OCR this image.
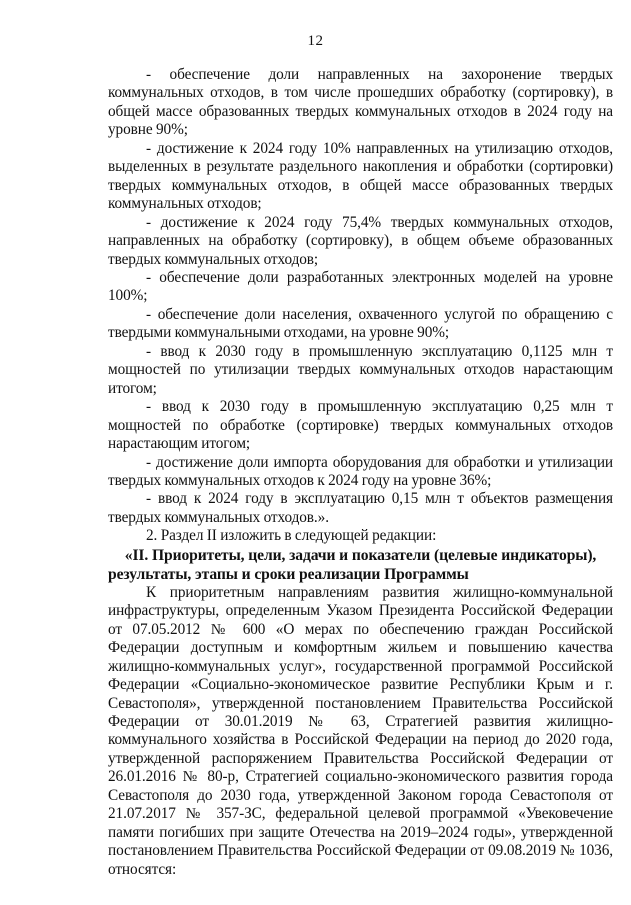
12

- обеспечение доли направленных на захоронение твердых коммунальных отходов, в том числе прошедших обработку (сортировку), в общей массе образованных твердых коммунальных отходов в 2024 году на уровне 90%;

- достижение к 2024 году 10% направленных на утилизацию отходов, выделенных в результате раздельного накопления и обработки (сортировки) твердых коммунальных отходов, в общей массе образованных твердых коммунальных отходов;

- достижение к 2024 году 75,4% твердых коммунальных отходов, направленных на обработку (сортировку), в общем объеме образованных твердых коммунальных отходов;

- обеспечение доли разработанных электронных моделей на уровне 100%;

- обеспечение доли населения, охваченного услугой по обращению с твердыми коммунальными отходами, на уровне 90%;

- ввод к 2030 году в промышленную эксплуатацию 0,1125 млн т мощностей по утилизации твердых коммунальных отходов нарастающим итогом;

- ввод к 2030 году в промышленную эксплуатацию 0,25 млн т мощностей по обработке (сортировке) твердых коммунальных отходов нарастающим итогом;

- достижение доли импорта оборудования для обработки и утилизации твердых коммунальных отходов к 2024 году на уровне 36%;

- ввод к 2024 году в эксплуатацию 0,15 млн т объектов размещения твердых коммунальных отходов.».

2. Раздел II изложить в следующей редакции:

«II. Приоритеты, цели, задачи и показатели (целевые индикаторы), результаты, этапы и сроки реализации Программы

К приоритетным направлениям развития жилищно-коммунальной инфраструктуры, определенным Указом Президента Российской Федерации от 07.05.2012 № 600 «О мерах по обеспечению граждан Российской Федерации доступным и комфортным жильем и повышению качества жилищно-коммунальных услуг», государственной программой Российской Федерации «Социально-экономическое развитие Республики Крым и г. Севастополя», утвержденной постановлением Правительства Российской Федерации от 30.01.2019 № 63, Стратегией развития жилищно-коммунального хозяйства в Российской Федерации на период до 2020 года, утвержденной распоряжением Правительства Российской Федерации от 26.01.2016 № 80-р, Стратегией социально-экономического развития города Севастополя до 2030 года, утвержденной Законом города Севастополя от 21.07.2017 № 357-ЗС, федеральной целевой программой «Увековечение памяти погибших при защите Отечества на 2019–2024 годы», утвержденной постановлением Правительства Российской Федерации от 09.08.2019 № 1036, относятся:
